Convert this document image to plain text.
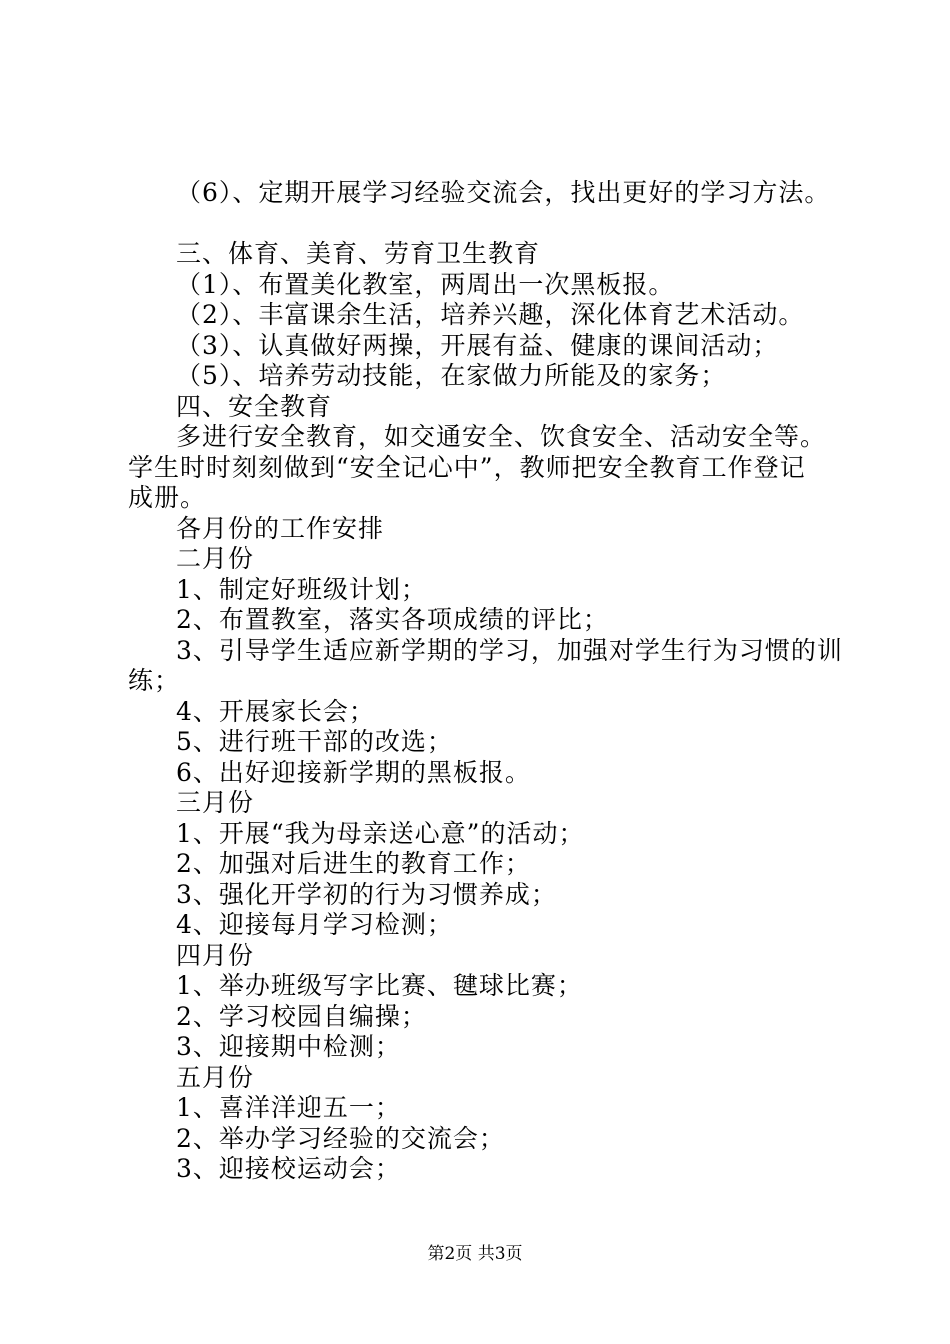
（6）、定期开展学习经验交流会，找出更好的学习方法。
三、体育、美育、劳育卫生教育
（1）、布置美化教室，两周出一次黑板报。
（2）、丰富课余生活，培养兴趣，深化体育艺术活动。
（3）、认真做好两操，开展有益、健康的课间活动；
（5）、培养劳动技能，在家做力所能及的家务；
四、安全教育
多进行安全教育，如交通安全、饮食安全、活动安全等。
学生时时刻刻做到“安全记心中”，教师把安全教育工作登记
成册。
各月份的工作安排
二月份
1、制定好班级计划；
2、布置教室，落实各项成绩的评比；
3、引导学生适应新学期的学习，加强对学生行为习惯的训
练；
4、开展家长会；
5、进行班干部的改选；
6、出好迎接新学期的黑板报。
三月份
1、开展“我为母亲送心意”的活动；
2、加强对后进生的教育工作；
3、强化开学初的行为习惯养成；
4、迎接每月学习检测；
四月份
1、举办班级写字比赛、毽球比赛；
2、学习校园自编操；
3、迎接期中检测；
五月份
1、喜洋洋迎五一；
2、举办学习经验的交流会；
3、迎接校运动会；
第2页 共3页
